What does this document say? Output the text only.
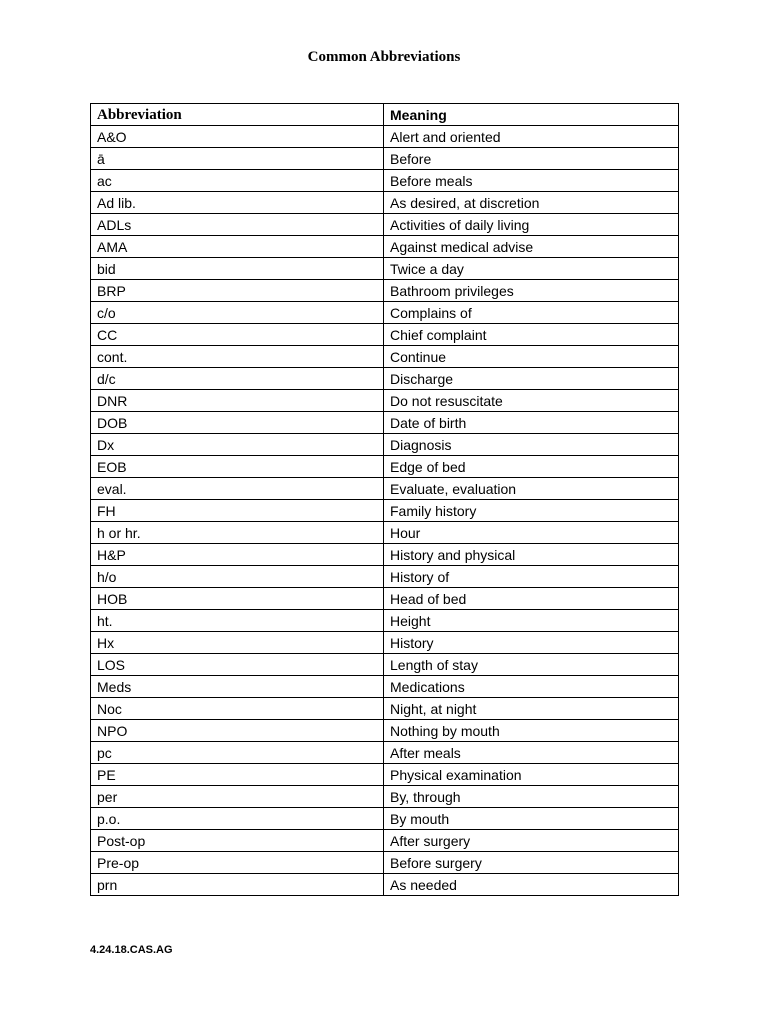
Common Abbreviations
Abbreviation	Meaning
A&O	Alert and oriented
ā	Before
ac	Before meals
Ad lib.	As desired, at discretion
ADLs	Activities of daily living
AMA	Against medical advise
bid	Twice a day
BRP	Bathroom privileges
c/o	Complains of
CC	Chief complaint
cont.	Continue
d/c	Discharge
DNR	Do not resuscitate
DOB	Date of birth
Dx	Diagnosis
EOB	Edge of bed
eval.	Evaluate, evaluation
FH	Family history
h or hr.	Hour
H&P	History and physical
h/o	History of
HOB	Head of bed
ht.	Height
Hx	History
LOS	Length of stay
Meds	Medications
Noc	Night, at night
NPO	Nothing by mouth
pc	After meals
PE	Physical examination
per	By, through
p.o.	By mouth
Post-op	After surgery
Pre-op	Before surgery
prn	As needed
4.24.18.CAS.AG
